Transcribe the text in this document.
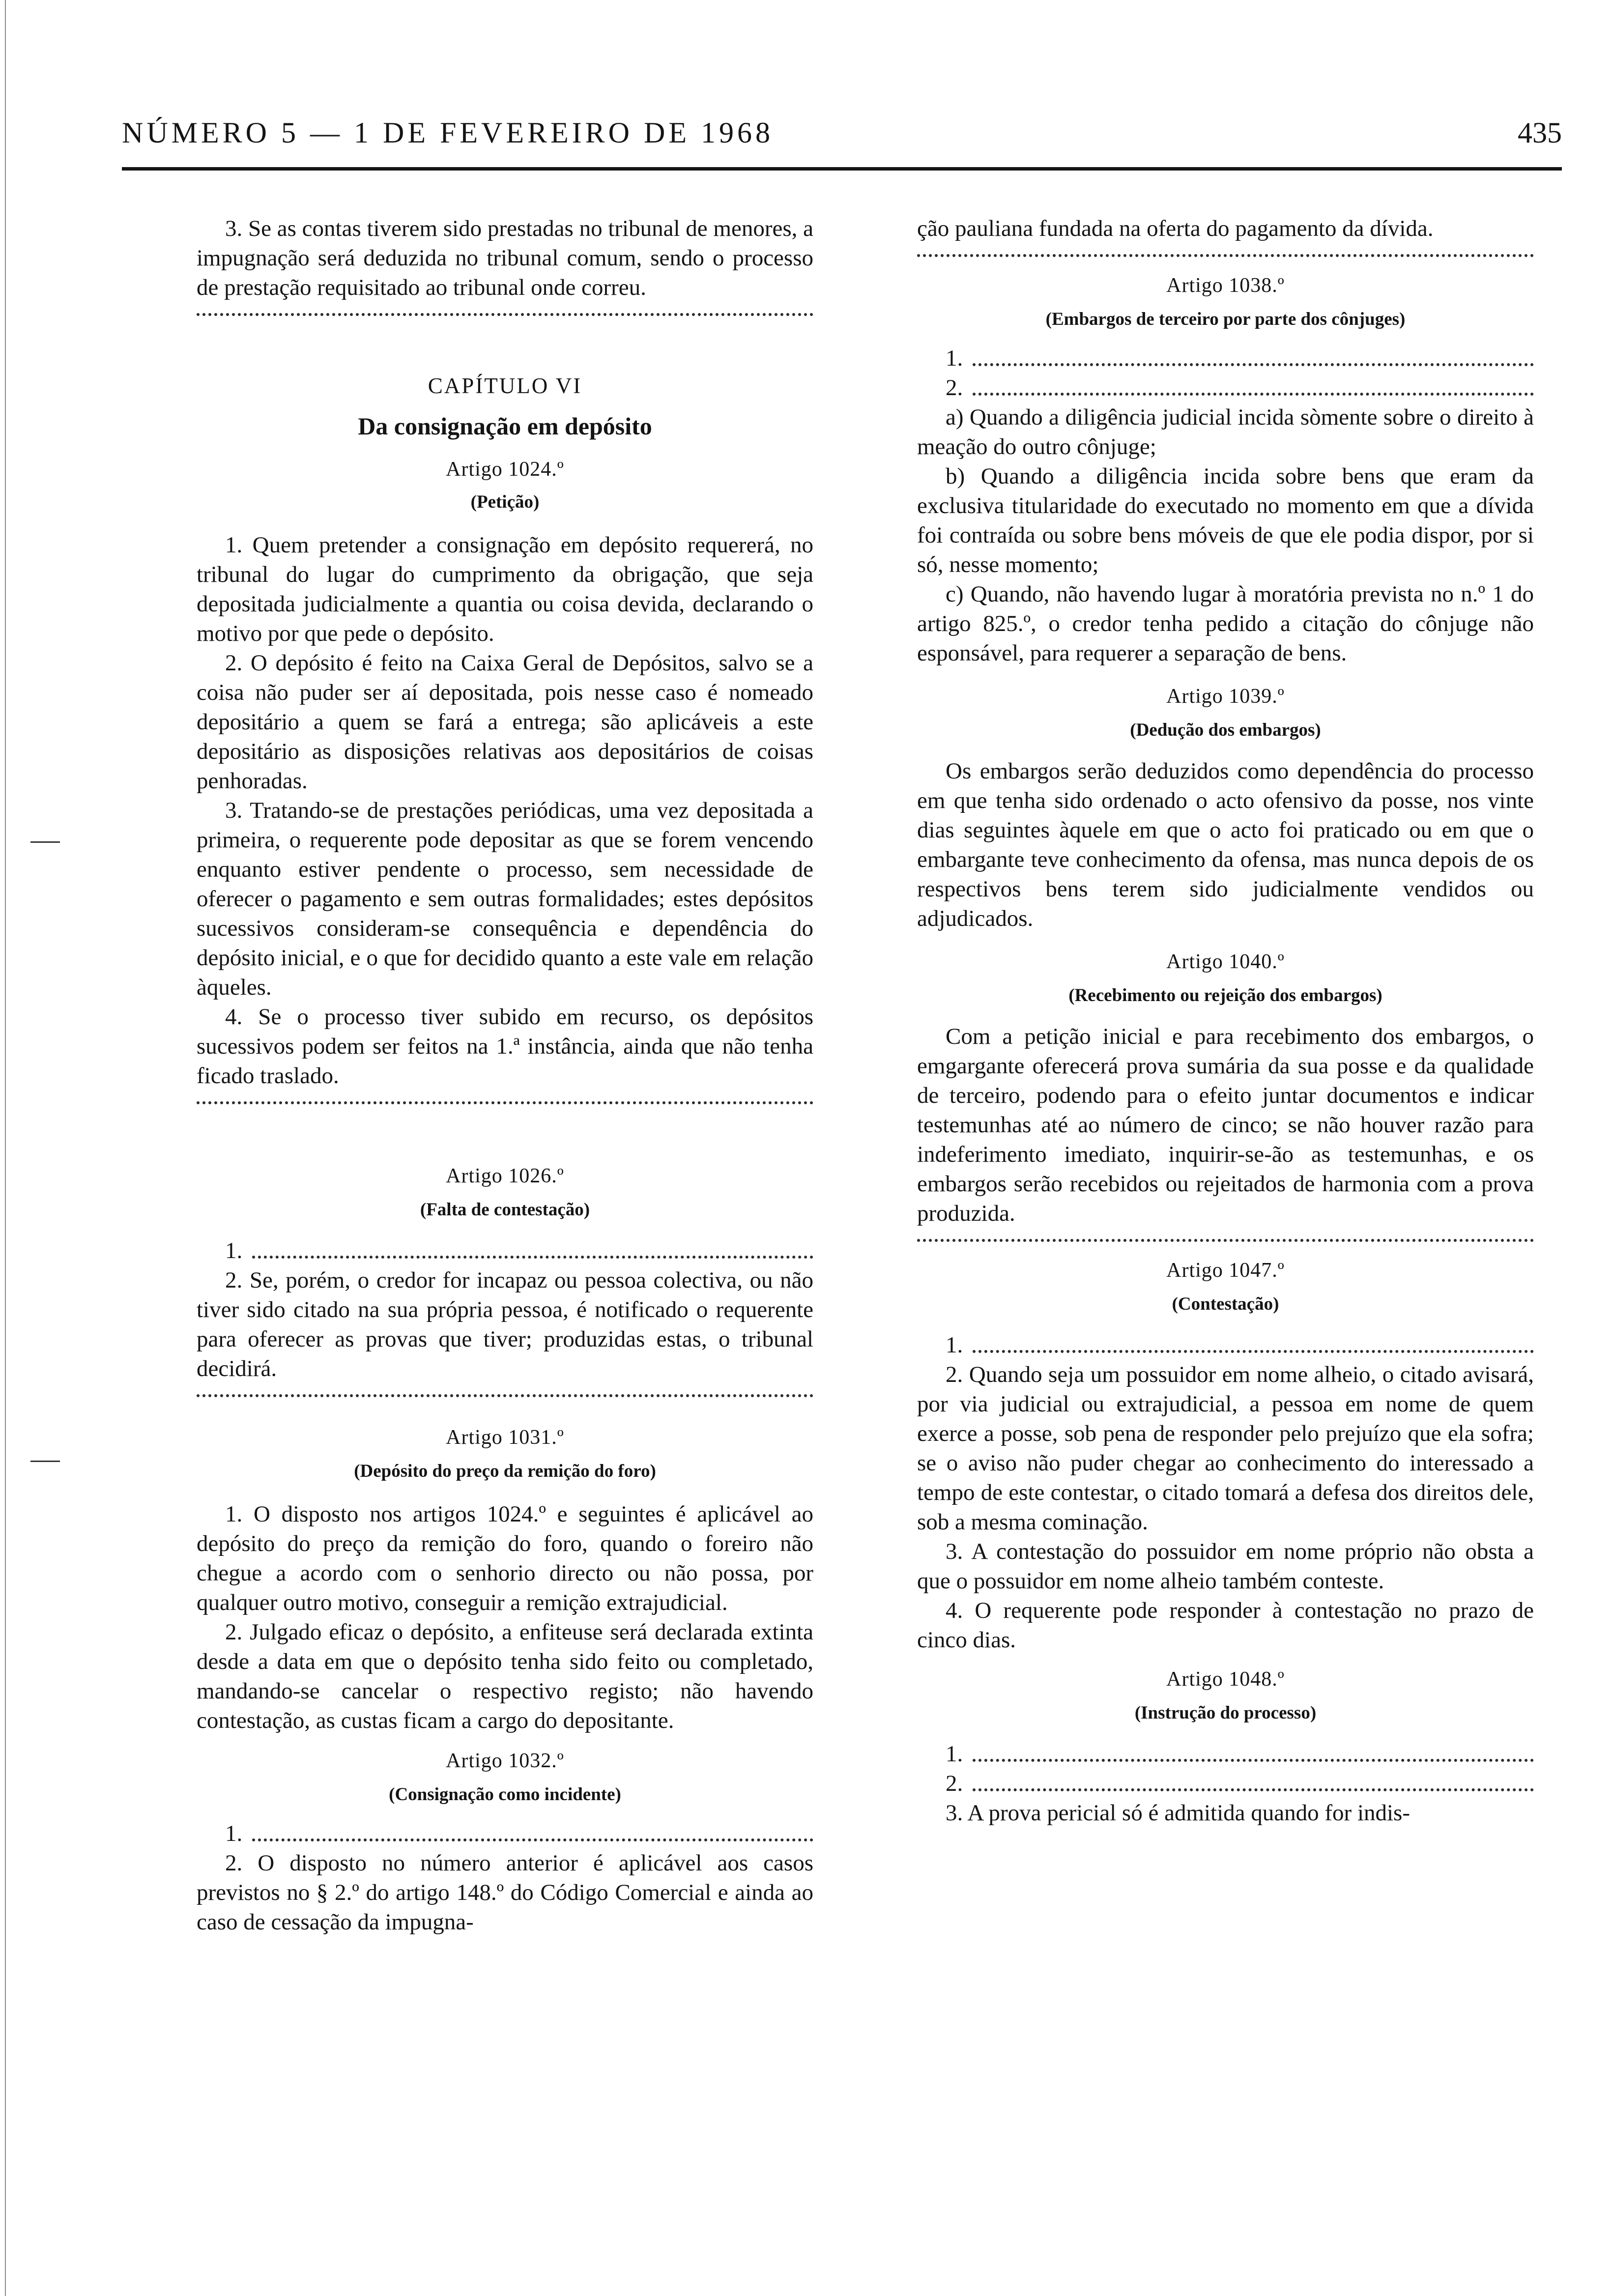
NÚMERO 5 — 1 DE FEVEREIRO DE 1968	435

3. Se as contas tiverem sido prestadas no tribunal de menores, a impugnação será deduzida no tribunal comum, sendo o processo de prestação requisitado ao tribunal onde correu.

CAPÍTULO VI
Da consignação em depósito
Artigo 1024.º
(Petição)

1. Quem pretender a consignação em depósito requererá, no tribunal do lugar do cumprimento da obrigação, que seja depositada judicialmente a quantia ou coisa devida, declarando o motivo por que pede o depósito.

2. O depósito é feito na Caixa Geral de Depósitos, salvo se a coisa não puder ser aí depositada, pois nesse caso é nomeado depositário a quem se fará a entrega; são aplicáveis a este depositário as disposições relativas aos depositários de coisas penhoradas.

3. Tratando-se de prestações periódicas, uma vez depositada a primeira, o requerente pode depositar as que se forem vencendo enquanto estiver pendente o processo, sem necessidade de oferecer o pagamento e sem outras formalidades; estes depósitos sucessivos consideram-se consequência e dependência do depósito inicial, e o que for decidido quanto a este vale em relação àqueles.

4. Se o processo tiver subido em recurso, os depósitos sucessivos podem ser feitos na 1.ª instância, ainda que não tenha ficado traslado.

Artigo 1026.º
(Falta de contestação)
1.

2. Se, porém, o credor for incapaz ou pessoa colectiva, ou não tiver sido citado na sua própria pessoa, é notificado o requerente para oferecer as provas que tiver; produzidas estas, o tribunal decidirá.

Artigo 1031.º
(Depósito do preço da remição do foro)

1. O disposto nos artigos 1024.º e seguintes é aplicável ao depósito do preço da remição do foro, quando o foreiro não chegue a acordo com o senhorio directo ou não possa, por qualquer outro motivo, conseguir a remição extrajudicial.

2. Julgado eficaz o depósito, a enfiteuse será declarada extinta desde a data em que o depósito tenha sido feito ou completado, mandando-se cancelar o respectivo registo; não havendo contestação, as custas ficam a cargo do depositante.

Artigo 1032.º
(Consignação como incidente)
1.

2. O disposto no número anterior é aplicável aos casos previstos no § 2.º do artigo 148.º do Código Comercial e ainda ao caso de cessação da impugna-

ção pauliana fundada na oferta do pagamento da dívida.

Artigo 1038.º
(Embargos de terceiro por parte dos cônjuges)
1.
2.

a) Quando a diligência judicial incida sòmente sobre o direito à meação do outro cônjuge;

b) Quando a diligência incida sobre bens que eram da exclusiva titularidade do executado no momento em que a dívida foi contraída ou sobre bens móveis de que ele podia dispor, por si só, nesse momento;

c) Quando, não havendo lugar à moratória prevista no n.º 1 do artigo 825.º, o credor tenha pedido a citação do cônjuge não esponsável, para requerer a separação de bens.

Artigo 1039.º
(Dedução dos embargos)

Os embargos serão deduzidos como dependência do processo em que tenha sido ordenado o acto ofensivo da posse, nos vinte dias seguintes àquele em que o acto foi praticado ou em que o embargante teve conhecimento da ofensa, mas nunca depois de os respectivos bens terem sido judicialmente vendidos ou adjudicados.

Artigo 1040.º
(Recebimento ou rejeição dos embargos)

Com a petição inicial e para recebimento dos embargos, o emgargante oferecerá prova sumária da sua posse e da qualidade de terceiro, podendo para o efeito juntar documentos e indicar testemunhas até ao número de cinco; se não houver razão para indeferimento imediato, inquirir-se-ão as testemunhas, e os embargos serão recebidos ou rejeitados de harmonia com a prova produzida.

Artigo 1047.º
(Contestação)
1.

2. Quando seja um possuidor em nome alheio, o citado avisará, por via judicial ou extrajudicial, a pessoa em nome de quem exerce a posse, sob pena de responder pelo prejuízo que ela sofra; se o aviso não puder chegar ao conhecimento do interessado a tempo de este contestar, o citado tomará a defesa dos direitos dele, sob a mesma cominação.

3. A contestação do possuidor em nome próprio não obsta a que o possuidor em nome alheio também conteste.

4. O requerente pode responder à contestação no prazo de cinco dias.

Artigo 1048.º
(Instrução do processo)
1.
2.

3. A prova pericial só é admitida quando for indis-
